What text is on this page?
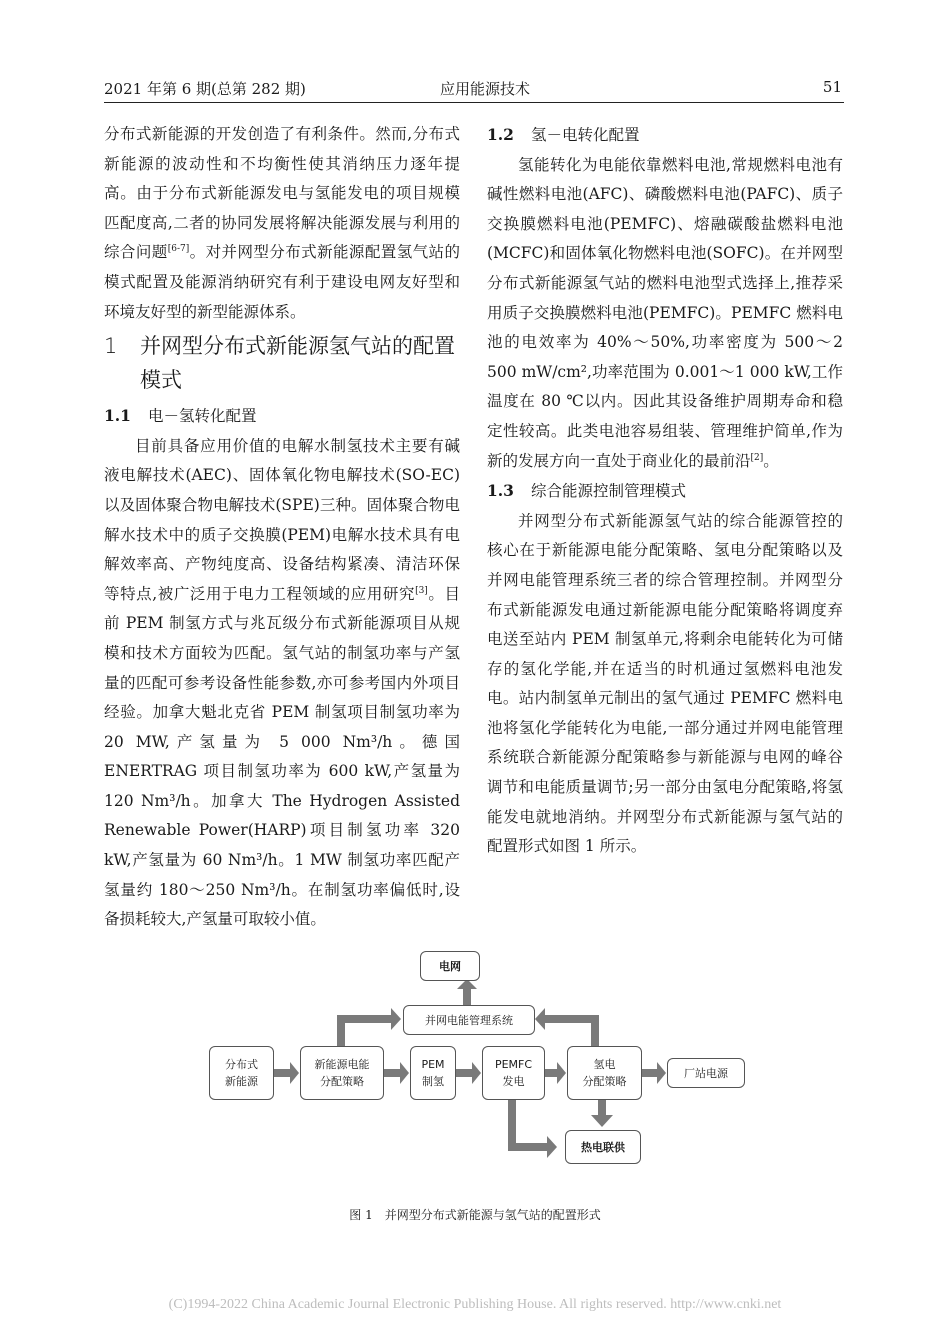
2021 年第 6 期(总第 282 期)	应用能源技术	51

分布式新能源的开发创造了有利条件。然而,分布式新能源的波动性和不均衡性使其消纳压力逐年提高。由于分布式新能源发电与氢能发电的项目规模匹配度高,二者的协同发展将解决能源发展与利用的综合问题[6-7]。对并网型分布式新能源配置氢气站的模式配置及能源消纳研究有利于建设电网友好型和环境友好型的新型能源体系。

1	并网型分布式新能源氢气站的配置模式
1.1 电－氢转化配置

目前具备应用价值的电解水制氢技术主要有碱液电解技术(AEC)、固体氧化物电解技术(SO-EC)以及固体聚合物电解技术(SPE)三种。固体聚合物电解水技术中的质子交换膜(PEM)电解水技术具有电解效率高、产物纯度高、设备结构紧凑、清洁环保等特点,被广泛用于电力工程领域的应用研究[3]。目前 PEM 制氢方式与兆瓦级分布式新能源项目从规模和技术方面较为匹配。氢气站的制氢功率与产氢量的匹配可参考设备性能参数,亦可参考国内外项目经验。加拿大魁北克省 PEM 制氢项目制氢功率为 20 MW,产氢量为 5 000 Nm³/h。德国 ENERTRAG 项目制氢功率为 600 kW,产氢量为 120 Nm³/h。加拿大 The Hydrogen Assisted Renewable Power(HARP)项目制氢功率 320 kW,产氢量为 60 Nm³/h。1 MW 制氢功率匹配产氢量约 180～250 Nm³/h。在制氢功率偏低时,设备损耗较大,产氢量可取较小值。

1.2 氢－电转化配置

氢能转化为电能依靠燃料电池,常规燃料电池有碱性燃料电池(AFC)、磷酸燃料电池(PAFC)、质子交换膜燃料电池(PEMFC)、熔融碳酸盐燃料电池(MCFC)和固体氧化物燃料电池(SOFC)。在并网型分布式新能源氢气站的燃料电池型式选择上,推荐采用质子交换膜燃料电池(PEMFC)。PEMFC 燃料电池的电效率为 40%～50%,功率密度为 500～2 500 mW/cm²,功率范围为 0.001～1 000 kW,工作温度在 80 ℃以内。因此其设备维护周期寿命和稳定性较高。此类电池容易组装、管理维护简单,作为新的发展方向一直处于商业化的最前沿[2]。

1.3 综合能源控制管理模式

并网型分布式新能源氢气站的综合能源管控的核心在于新能源电能分配策略、氢电分配策略以及并网电能管理系统三者的综合管理控制。并网型分布式新能源发电通过新能源电能分配策略将调度弃电送至站内 PEM 制氢单元,将剩余电能转化为可储存的氢化学能,并在适当的时机通过氢燃料电池发电。站内制氢单元制出的氢气通过 PEMFC 燃料电池将氢化学能转化为电能,一部分通过并网电能管理系统联合新能源分配策略参与新能源与电网的峰谷调节和电能质量调节;另一部分由氢电分配策略,将氢能发电就地消纳。并网型分布式新能源与氢气站的配置形式如图 1 所示。

电网
并网电能管理系统
分布式
新能源
新能源电能
分配策略
PEM
制氢
PEMFC
发电
氢电
分配策略
厂站电源
热电联供
图 1　并网型分布式新能源与氢气站的配置形式
(C)1994-2022 China Academic Journal Electronic Publishing House. All rights reserved. http://www.cnki.net
